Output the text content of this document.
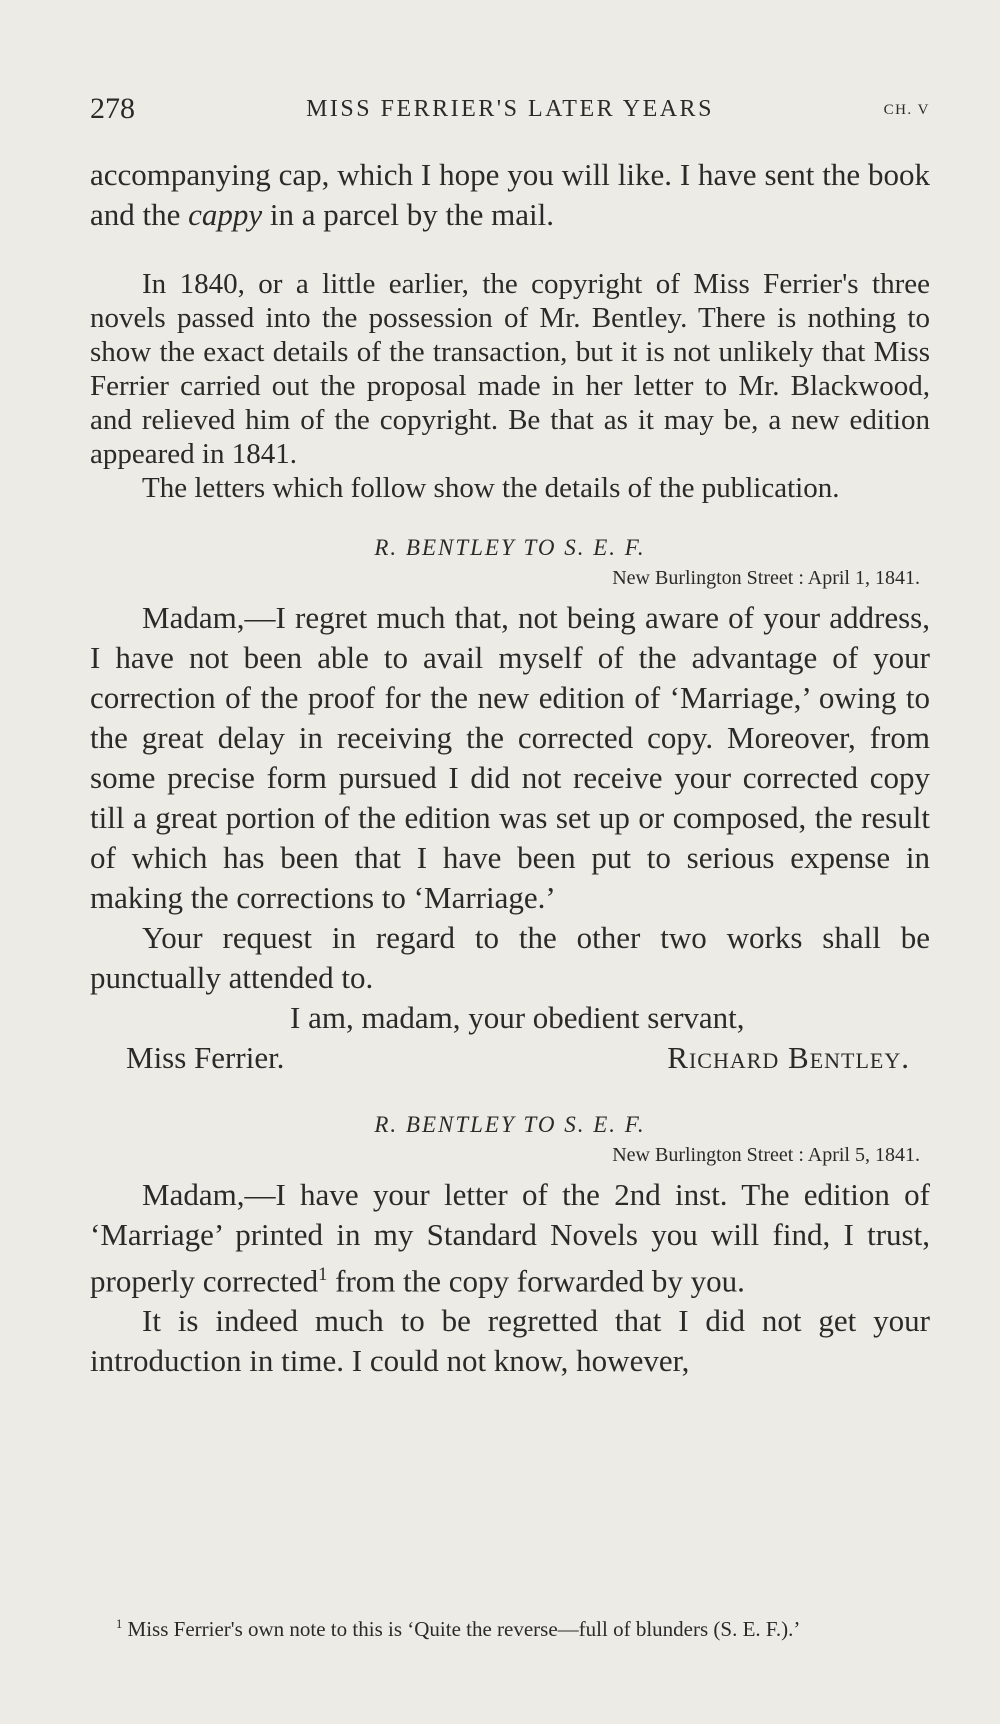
278	MISS FERRIER'S LATER YEARS	CH. V

accompanying cap, which I hope you will like. I have sent the book and the cappy in a parcel by the mail.

In 1840, or a little earlier, the copyright of Miss Ferrier's three novels passed into the possession of Mr. Bentley. There is nothing to show the exact details of the transaction, but it is not unlikely that Miss Ferrier carried out the proposal made in her letter to Mr. Blackwood, and relieved him of the copyright. Be that as it may be, a new edition appeared in 1841.

The letters which follow show the details of the publication.

R. BENTLEY TO S. E. F.
New Burlington Street : April 1, 1841.

Madam,—I regret much that, not being aware of your address, I have not been able to avail myself of the advantage of your correction of the proof for the new edition of ‘Marriage,’ owing to the great delay in receiving the corrected copy. Moreover, from some precise form pursued I did not receive your corrected copy till a great portion of the edition was set up or composed, the result of which has been that I have been put to serious expense in making the corrections to ‘Marriage.’

Your request in regard to the other two works shall be punctually attended to.

I am, madam, your obedient servant,
Miss Ferrier.	Richard Bentley.
R. BENTLEY TO S. E. F.
New Burlington Street : April 5, 1841.

Madam,—I have your letter of the 2nd inst. The edition of ‘Marriage’ printed in my Standard Novels you will find, I trust, properly corrected$^1$ from the copy forwarded by you.

It is indeed much to be regretted that I did not get your introduction in time. I could not know, however,

$^1$ Miss Ferrier's own note to this is ‘Quite the reverse—full of blunders (S. E. F.).’
